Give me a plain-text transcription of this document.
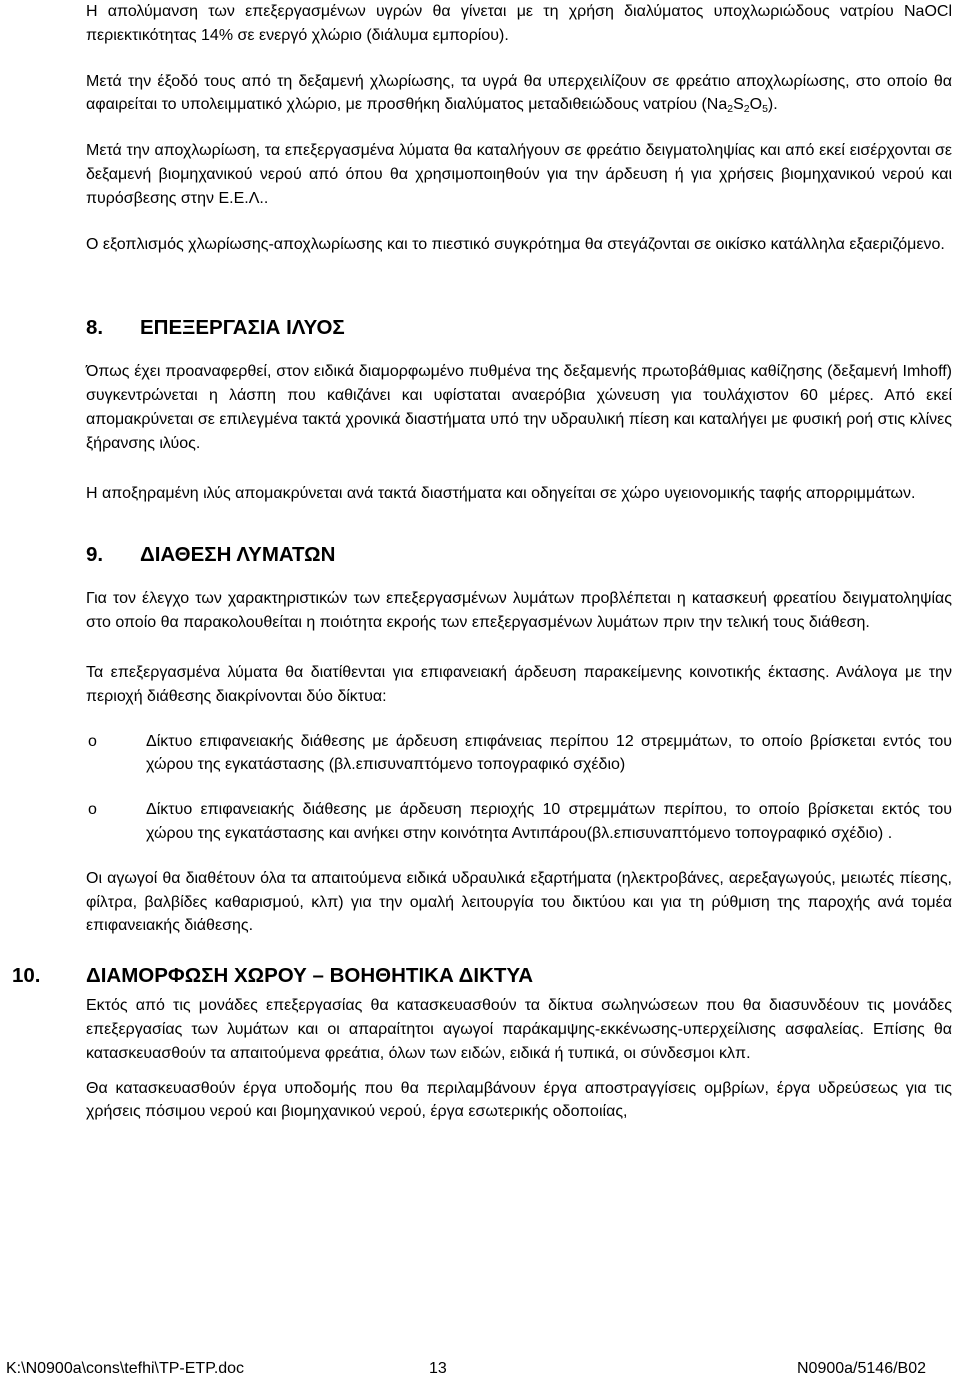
Η απολύμανση των επεξεργασμένων υγρών θα γίνεται με τη χρήση διαλύματος υποχλωριώδους νατρίου NaOCl περιεκτικότητας 14% σε ενεργό χλώριο (διάλυμα εμπορίου).

Μετά την έξοδό τους από τη δεξαμενή χλωρίωσης, τα υγρά θα υπερχειλίζουν σε φρεάτιο αποχλωρίωσης, στο οποίο θα αφαιρείται το υπολειμματικό χλώριο, με προσθήκη διαλύματος μεταδιθειώδους νατρίου $(Na_2S_2O_5)$.

Μετά την αποχλωρίωση, τα επεξεργασμένα λύματα θα καταλήγουν σε φρεάτιο δειγματοληψίας και από εκεί εισέρχονται σε δεξαμενή βιομηχανικού νερού από όπου θα χρησιμοποιηθούν για την άρδευση ή για χρήσεις βιομηχανικού νερού και πυρόσβεσης στην Ε.Ε.Λ..

Ο εξοπλισμός χλωρίωσης-αποχλωρίωσης και το πιεστικό συγκρότημα θα στεγάζονται σε οικίσκο κατάλληλα εξαεριζόμενο.

8. ΕΠΕΞΕΡΓΑΣΙΑ ΙΛΥΟΣ

Όπως έχει προαναφερθεί, στον ειδικά διαμορφωμένο πυθμένα της δεξαμενής πρωτοβάθμιας καθίζησης (δεξαμενή Imhoff) συγκεντρώνεται η λάσπη που καθιζάνει και υφίσταται αναερόβια χώνευση για τουλάχιστον 60 μέρες. Από εκεί απομακρύνεται σε επιλεγμένα τακτά χρονικά διαστήματα υπό την υδραυλική πίεση και καταλήγει με φυσική ροή στις κλίνες ξήρανσης ιλύος.

Η αποξηραμένη ιλύς απομακρύνεται ανά τακτά διαστήματα και οδηγείται σε χώρο υγειονομικής ταφής απορριμμάτων.

9. ΔΙΑΘΕΣΗ ΛΥΜΑΤΩΝ

Για τον έλεγχο των χαρακτηριστικών των επεξεργασμένων λυμάτων προβλέπεται η κατασκευή φρεατίου δειγματοληψίας στο οποίο θα παρακολουθείται η ποιότητα εκροής των επεξεργασμένων λυμάτων πριν την τελική τους διάθεση.

Τα επεξεργασμένα λύματα θα διατίθενται για επιφανειακή άρδευση παρακείμενης κοινοτικής έκτασης. Ανάλογα με την περιοχή διάθεσης διακρίνονται δύο δίκτυα:

o	Δίκτυο επιφανειακής διάθεσης με άρδευση επιφάνειας περίπου 12 στρεμμάτων, το οποίο βρίσκεται εντός του χώρου της εγκατάστασης (βλ.επισυναπτόμενο τοπογραφικό σχέδιο)

o	Δίκτυο επιφανειακής διάθεσης με άρδευση περιοχής 10 στρεμμάτων περίπου, το οποίο βρίσκεται εκτός του χώρου της εγκατάστασης και ανήκει στην κοινότητα Αντιπάρου(βλ.επισυναπτόμενο τοπογραφικό σχέδιο) .

Οι αγωγοί θα διαθέτουν όλα τα απαιτούμενα ειδικά υδραυλικά εξαρτήματα (ηλεκτροβάνες, αερεξαγωγούς, μειωτές πίεσης, φίλτρα, βαλβίδες καθαρισμού, κλπ) για την ομαλή λειτουργία του δικτύου και για τη ρύθμιση της παροχής ανά τομέα επιφανειακής διάθεσης.

10. ΔΙΑΜΟΡΦΩΣΗ ΧΩΡΟΥ – ΒΟΗΘΗΤΙΚΑ ΔΙΚΤΥΑ

Εκτός από τις μονάδες επεξεργασίας θα κατασκευασθούν τα δίκτυα σωληνώσεων που θα διασυνδέουν τις μονάδες επεξεργασίας των λυμάτων και οι απαραίτητοι αγωγοί παράκαμψης-εκκένωσης-υπερχείλισης ασφαλείας. Επίσης θα κατασκευασθούν τα απαιτούμενα φρεάτια, όλων των ειδών, ειδικά ή τυπικά, οι σύνδεσμοι κλπ.

Θα κατασκευασθούν έργα υποδομής που θα περιλαμβάνουν έργα αποστραγγίσεις ομβρίων, έργα υδρεύσεως για τις χρήσεις πόσιμου νερού και βιομηχανικού νερού, έργα εσωτερικής οδοποιίας,

K:\N0900a\cons\tefhi\TP-ETP.doc	13	N0900a/5146/B02
